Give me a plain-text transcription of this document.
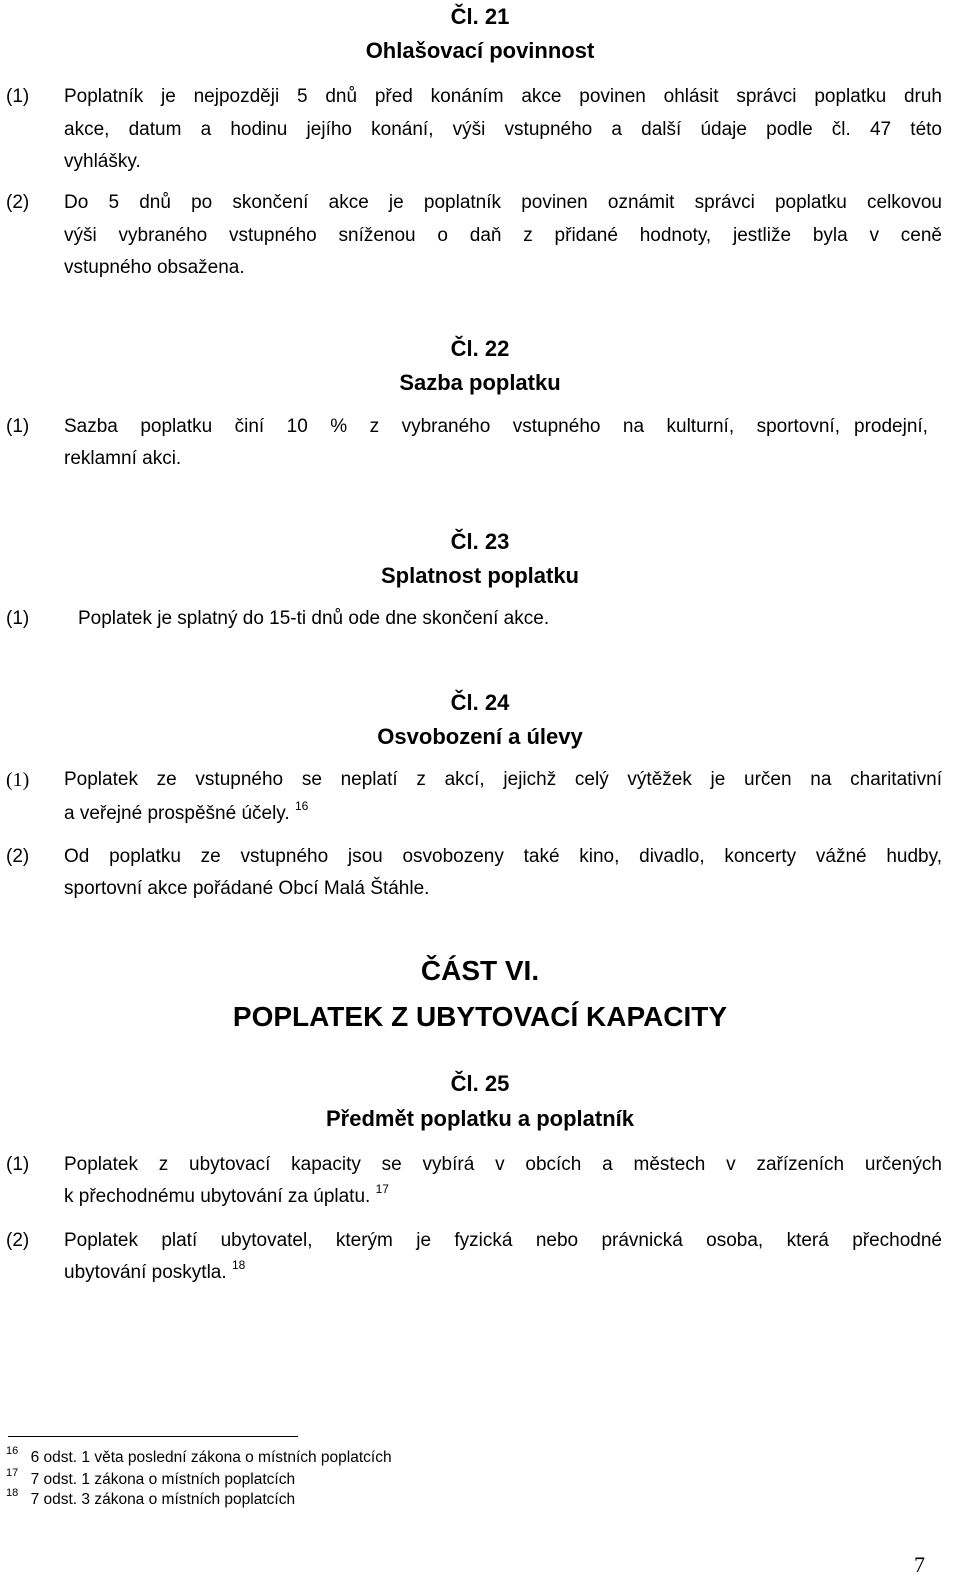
Čl. 21
Ohlašovací povinnost
(1) Poplatník je nejpozději 5 dnů před konáním akce povinen ohlásit správci poplatku druh
akce, datum a hodinu jejího konání, výši vstupného a další údaje podle čl. 47 této
vyhlášky.
(2) Do 5 dnů po skončení akce je poplatník povinen oznámit správci poplatku celkovou
výši vybraného vstupného sníženou o daň z přidané hodnoty, jestliže byla v ceně
vstupného obsažena.
Čl. 22
Sazba poplatku
(1) Sazba poplatku činí 10 % z vybraného vstupného na kulturní, sportovní, prodejní,
reklamní akci.
Čl. 23
Splatnost poplatku
(1)	Poplatek je splatný do 15-ti dnů ode dne skončení akce.
Čl. 24
Osvobození a úlevy
(1) Poplatek ze vstupného se neplatí z akcí, jejichž celý výtěžek je určen na charitativní
a veřejné prospěšné účely. $^{16}$
(2) Od poplatku ze vstupného jsou osvobozeny také kino, divadlo, koncerty vážné hudby,
sportovní akce pořádané Obcí Malá Štáhle.
ČÁST VI.
POPLATEK Z UBYTOVACÍ KAPACITY
Čl. 25
Předmět poplatku a poplatník
(1) Poplatek z ubytovací kapacity se vybírá v obcích a městech v zařízeních určených
k přechodnému ubytování za úplatu. $^{17}$
(2) Poplatek platí ubytovatel, kterým je fyzická nebo právnická osoba, která přechodné
ubytování poskytla. $^{18}$
$^{16}$ 6 odst. 1 věta poslední zákona o místních poplatcích
$^{17}$ 7 odst. 1 zákona o místních poplatcích
$^{18}$ 7 odst. 3 zákona o místních poplatcích
7
